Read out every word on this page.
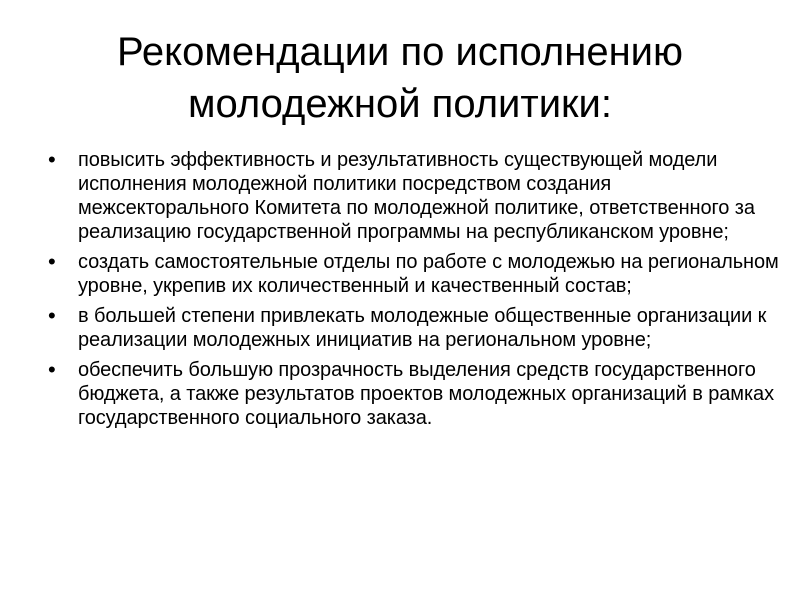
Рекомендации по исполнению
молодежной политики:
• повысить эффективность и результативность существующей модели исполнения молодежной политики посредством создания межсекторального Комитета по молодежной политике, ответственного за реализацию государственной программы на республиканском уровне;
• создать самостоятельные отделы по работе с молодежью на региональном уровне, укрепив их количественный и качественный состав;
• в большей степени привлекать молодежные общественные организации к реализации молодежных инициатив на региональном уровне;
• обеспечить большую прозрачность выделения средств государственного бюджета, а также результатов проектов молодежных организаций в рамках государственного социального заказа.
